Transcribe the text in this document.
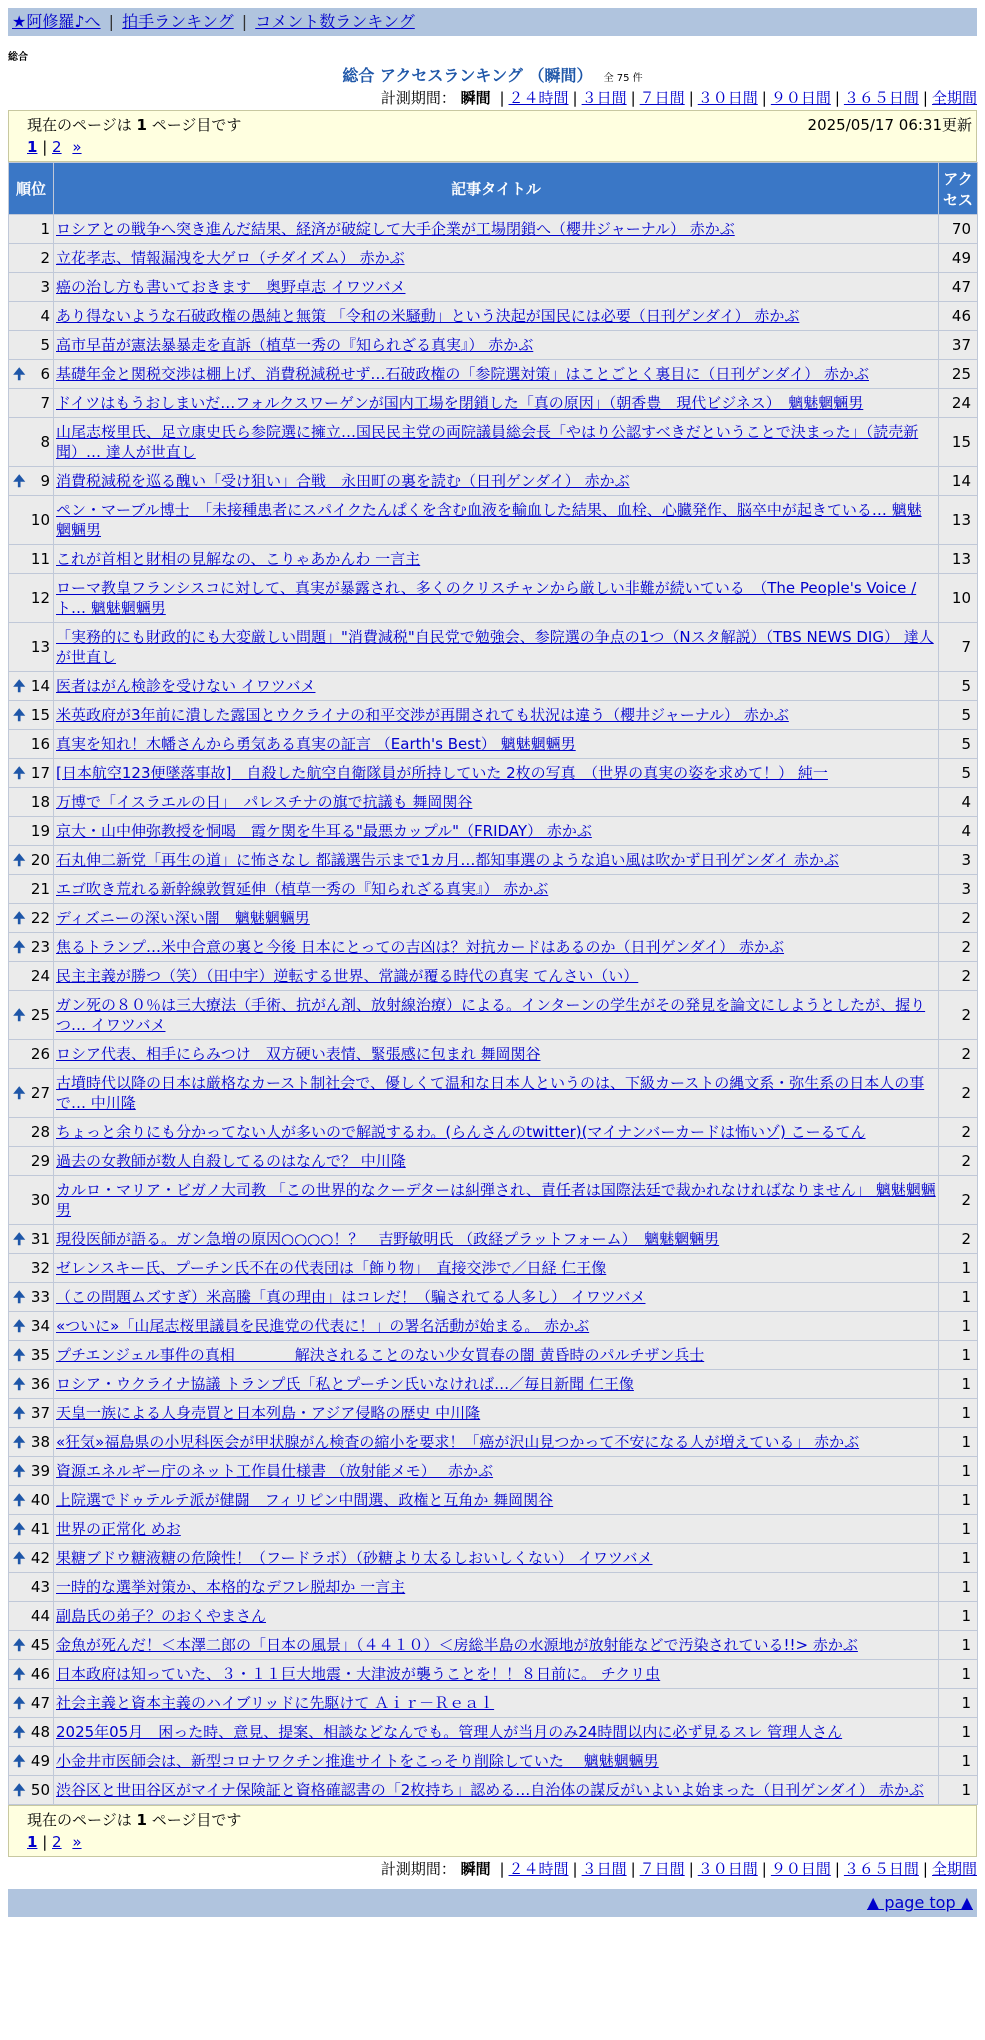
★阿修羅♪へ | 拍手ランキング | コメント数ランキング
総合
総合 アクセスランキング （瞬間） 全 75 件
計測期間： 瞬間 | ２４時間 | ３日間 | ７日間 | ３０日間 | ９０日間 | ３６５日間 | 全期間
現在のページは 1 ページ目です	2025/05/17 06:31更新
1 | 2 »
順位	記事タイトル	アクセス
1	ロシアとの戦争へ突き進んだ結果、経済が破綻して大手企業が工場閉鎖へ（櫻井ジャーナル） 赤かぶ	70
2	立花孝志、情報漏洩を大ゲロ（チダイズム） 赤かぶ	49
3	癌の治し方も書いておきます　奥野卓志 イワツバメ	47
4	あり得ないような石破政権の愚純と無策 「令和の米騒動」という決起が国民には必要（日刊ゲンダイ） 赤かぶ	46
5	高市早苗が憲法暴暴走を直訴（植草一秀の『知られざる真実』） 赤かぶ	37

🠉 6	基礎年金と関税交渉は棚上げ、消費税減税せず…石破政権の「参院選対策」はことごとく裏目に（日刊ゲンダイ） 赤かぶ	25
7	ドイツはもうおしまいだ…フォルクスワーゲンが国内工場を閉鎖した「真の原因」（朝香豊　現代ビジネス）　魑魅魍魎男	24
8	山尾志桜里氏、足立康史氏ら参院選に擁立…国民民主党の両院議員総会長「やはり公認すべきだということで決まった」（読売新聞）… 達人が世直し	15

🠉 9	消費税減税を巡る醜い「受け狙い」合戦　永田町の裏を読む（日刊ゲンダイ） 赤かぶ	14
10	ペン・マーブル博士　「未接種患者にスパイクたんぱくを含む血液を輸血した結果、血栓、心臓発作、脳卒中が起きている… 魑魅魍魎男	13
11	これが首相と財相の見解なの、こりゃあかんわ 一言主	13
12	ローマ教皇フランシスコに対して、真実が暴露され、多くのクリスチャンから厳しい非難が続いている　（The People's Voice / ト… 魑魅魍魎男	10
13	「実務的にも財政的にも大変厳しい問題」"消費減税"自民党で勉強会、参院選の争点の1つ（Nスタ解説）（TBS NEWS DIG） 達人が世直し	7

🠉 14	医者はがん検診を受けない イワツバメ	5

🠉 15	米英政府が3年前に潰した露国とウクライナの和平交渉が再開されても状況は違う（櫻井ジャーナル） 赤かぶ	5
16	真実を知れ！木幡さんから勇気ある真実の証言 （Earth's Best） 魑魅魍魎男	5

🠉 17	[日本航空123便墜落事故]　自殺した航空自衛隊員が所持していた 2枚の写真　（世界の真実の姿を求めて！） 純一	5
18	万博で「イスラエルの日」　パレスチナの旗で抗議も 舞岡関谷	4
19	京大・山中伸弥教授を恫喝　霞ケ関を牛耳る"最悪カップル"（FRIDAY） 赤かぶ	4

🠉 20	石丸伸二新党「再生の道」に怖さなし 都議選告示まで1カ月…都知事選のような追い風は吹かず日刊ゲンダイ 赤かぶ	3
21	エゴ吹き荒れる新幹線敦賀延伸（植草一秀の『知られざる真実』） 赤かぶ	3

🠉 22	ディズニーの深い深い闇　魑魅魍魎男	2

🠉 23	焦るトランプ…米中合意の裏と今後 日本にとっての吉凶は？対抗カードはあるのか（日刊ゲンダイ） 赤かぶ	2
24	民主主義が勝つ（笑）（田中宇）逆転する世界、常識が覆る時代の真実 てんさい（い）	2

🠉 25	ガン死の８０％は三大療法（手術、抗がん剤、放射線治療）による。インターンの学生がその発見を論文にしようとしたが、握りつ… イワツバメ	2
26	ロシア代表、相手にらみつけ　双方硬い表情、緊張感に包まれ 舞岡関谷	2

🠉 27	古墳時代以降の日本は厳格なカースト制社会で、優しくて温和な日本人というのは、下級カーストの縄文系・弥生系の日本人の事で… 中川隆	2
28	ちょっと余りにも分かってない人が多いので解説するわ。(らんさんのtwitter)(マイナンバーカードは怖いゾ) こーるてん	2
29	過去の女教師が数人自殺してるのはなんで？ 中川隆	2
30	カルロ・マリア・ビガノ大司教 「この世界的なクーデターは糾弾され、責任者は国際法廷で裁かれなければなりません」 魑魅魍魎男	2

🠉 31	現役医師が語る。ガン急増の原因○○○○！？　吉野敏明氏 （政経プラットフォーム）　魑魅魍魎男	2
32	ゼレンスキー氏、プーチン氏不在の代表団は「飾り物」　直接交渉で／日経 仁王像	1

🠉 33	（この問題ムズすぎ）米高騰「真の理由」はコレだ！（騙されてる人多し） イワツバメ	1

🠉 34	«ついに»「山尾志桜里議員を民進党の代表に！」の署名活動が始まる。 赤かぶ	1

🠉 35	プチエンジェル事件の真相　　　　解決されることのない少女買春の闇 黄昏時のパルチザン兵士	1

🠉 36	ロシア・ウクライナ協議 トランプ氏「私とプーチン氏いなければ…／毎日新聞 仁王像	1

🠉 37	天皇一族による人身売買と日本列島・アジア侵略の歴史 中川隆	1

🠉 38	«狂気»福島県の小児科医会が甲状腺がん検査の縮小を要求！「癌が沢山見つかって不安になる人が増えている」 赤かぶ	1

🠉 39	資源エネルギー庁のネット工作員仕様書 （放射能メモ）　 赤かぶ	1

🠉 40	上院選でドゥテルテ派が健闘　フィリピン中間選、政権と互角か 舞岡関谷	1

🠉 41	世界の正常化 めお	1

🠉 42	果糖ブドウ糖液糖の危険性！（フードラボ）（砂糖より太るしおいしくない） イワツバメ	1
43	一時的な選挙対策か、本格的なデフレ脱却か 一言主	1
44	副島氏の弟子？のおくやまさん	1

🠉 45	金魚が死んだ！＜本澤二郎の「日本の風景」（４４１０）＜房総半島の水源地が放射能などで汚染されている!!> 赤かぶ	1

🠉 46	日本政府は知っていた、３・１１巨大地震・大津波が襲うことを！！８日前に。 チクリ虫	1

🠉 47	社会主義と資本主義のハイブリッドに先駆けて Ａｉｒ－Ｒｅａｌ	1

🠉 48	2025年05月　困った時、意見、提案、相談などなんでも。管理人が当月のみ24時間以内に必ず見るスレ 管理人さん	1

🠉 49	小金井市医師会は、新型コロナワクチン推進サイトをこっそり削除していた　 魑魅魍魎男	1

🠉 50	渋谷区と世田谷区がマイナ保険証と資格確認書の「2枚持ち」認める…自治体の謀反がいよいよ始まった（日刊ゲンダイ） 赤かぶ	1
現在のページは 1 ページ目です
1 | 2 »
計測期間： 瞬間 | ２４時間 | ３日間 | ７日間 | ３０日間 | ９０日間 | ３６５日間 | 全期間
▲ page top ▲
